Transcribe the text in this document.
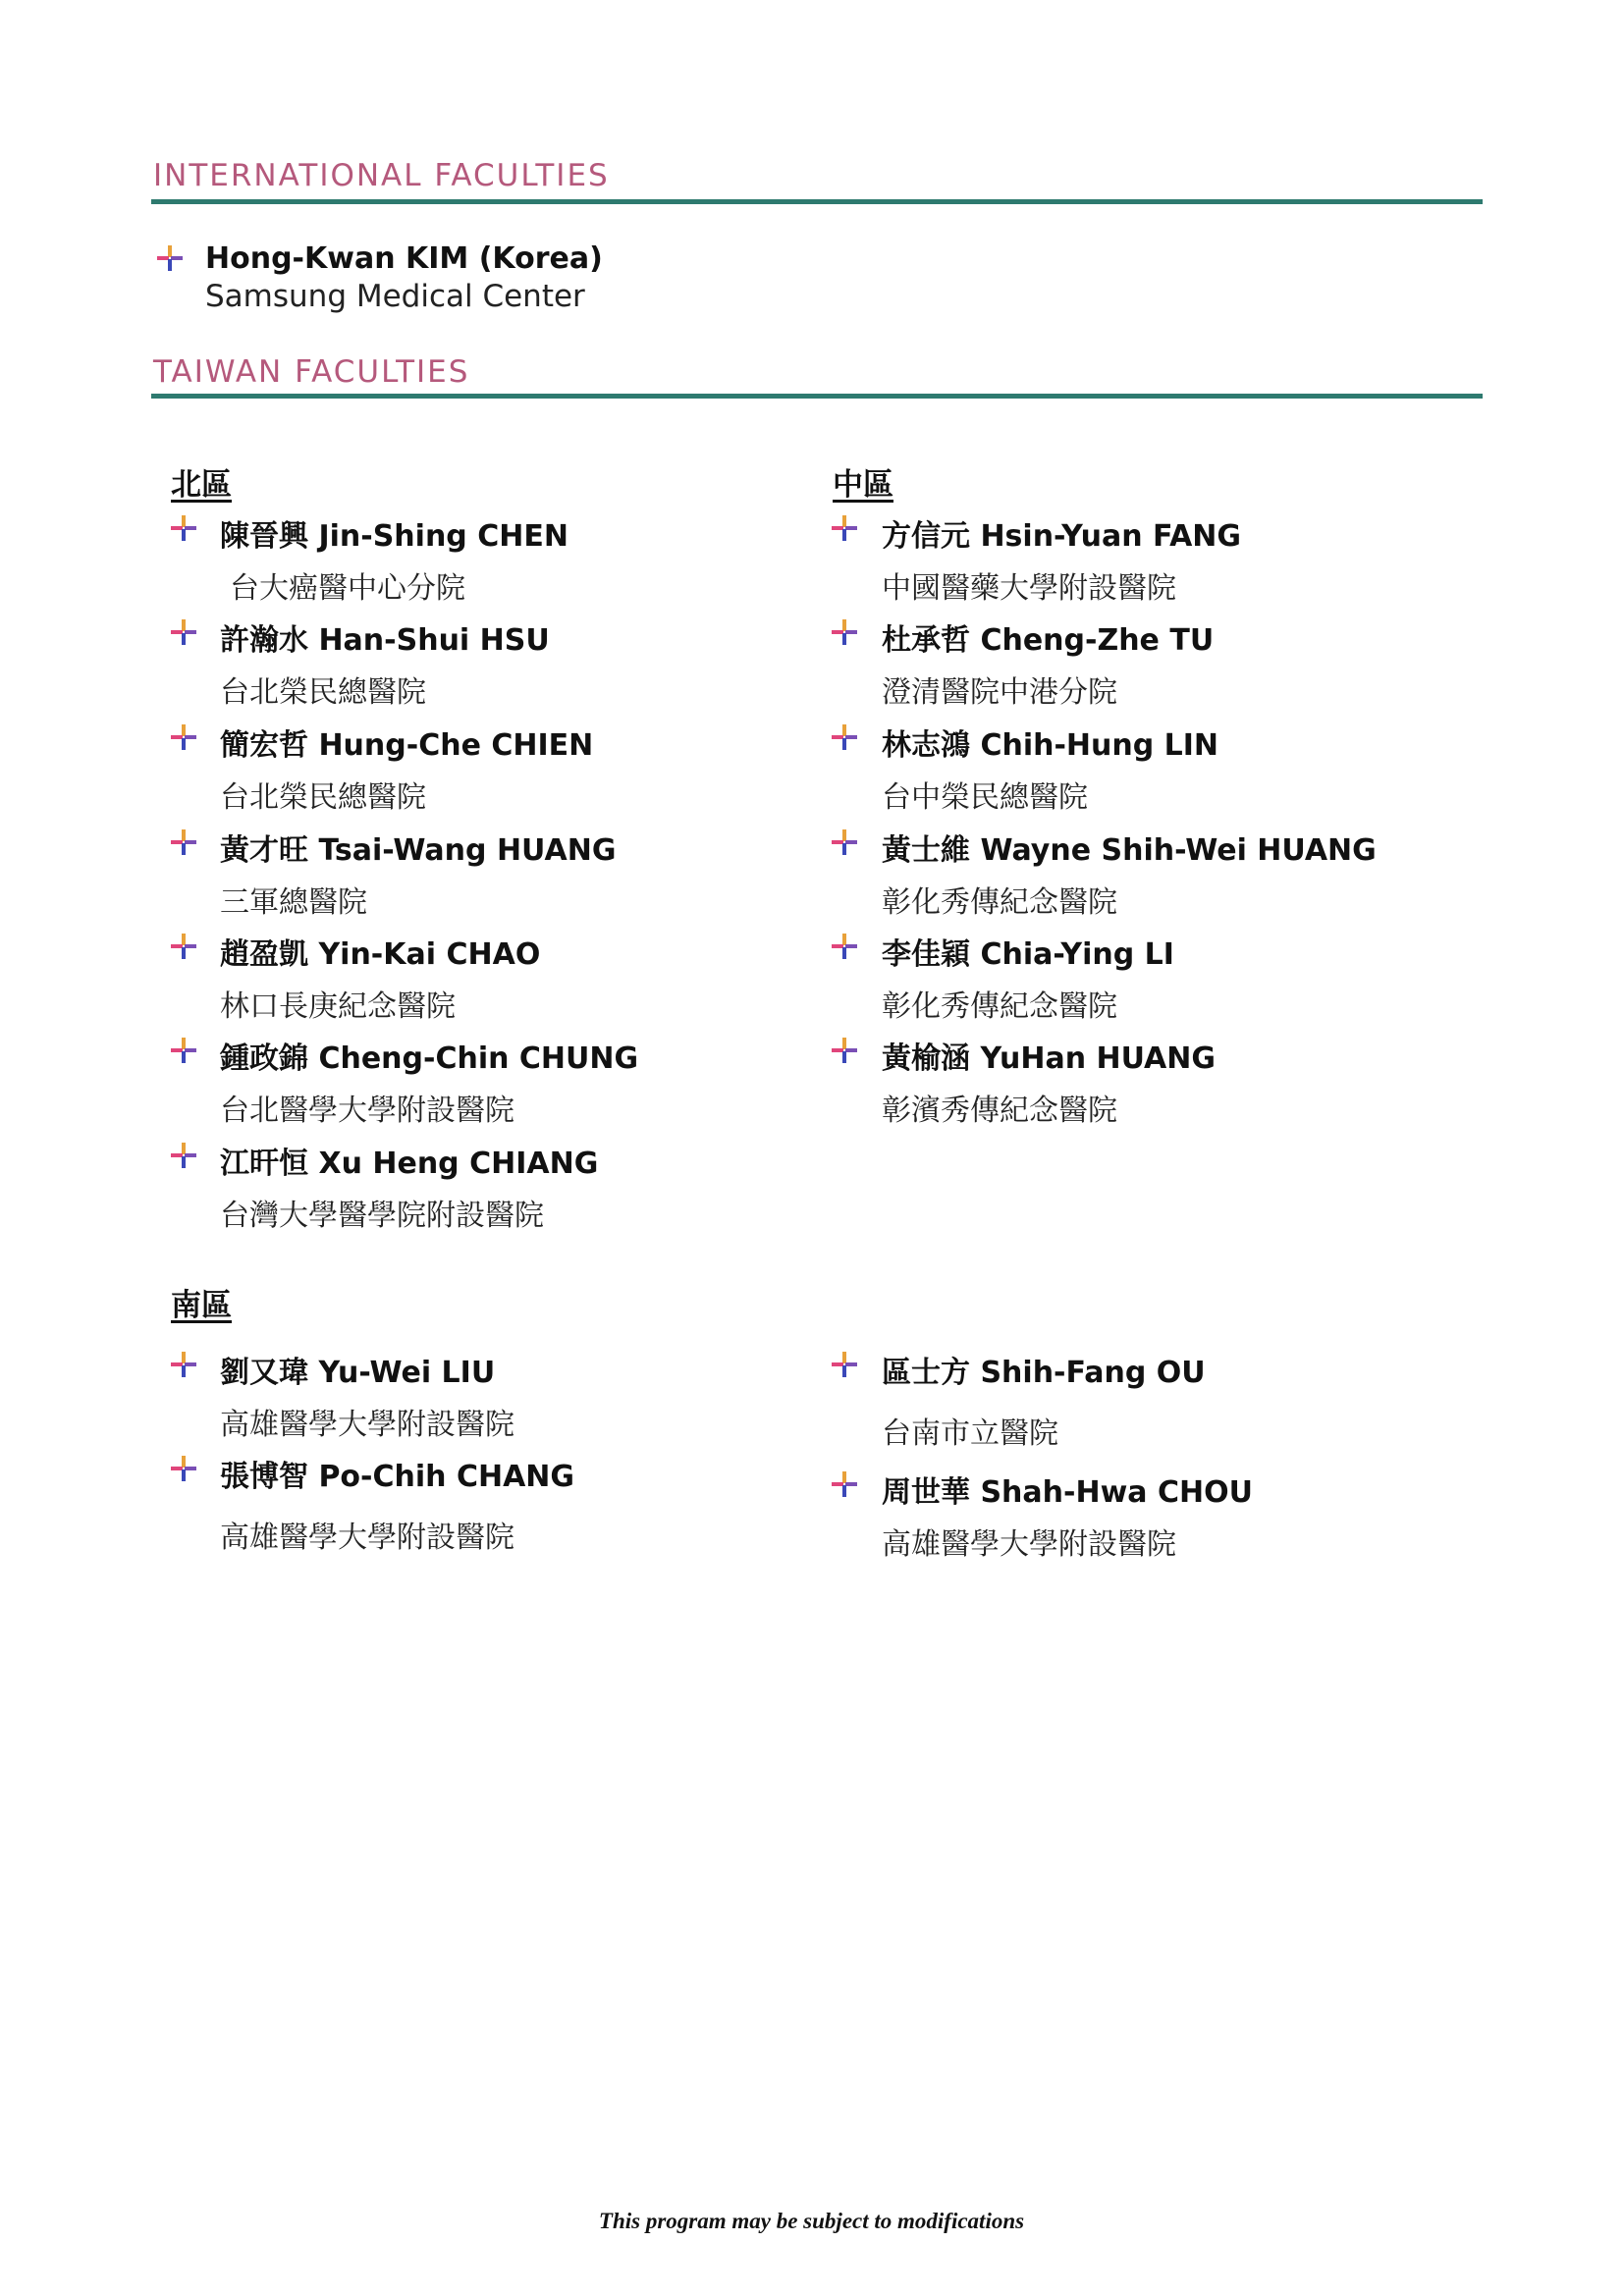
INTERNATIONAL FACULTIES
Hong-Kwan KIM (Korea)
Samsung Medical Center
TAIWAN FACULTIES
北區
陳晉興 Jin-Shing CHEN
台大癌醫中心分院
許瀚水 Han-Shui HSU
台北榮民總醫院
簡宏哲 Hung-Che CHIEN
台北榮民總醫院
黃才旺 Tsai-Wang HUANG
三軍總醫院
趙盈凱 Yin-Kai CHAO
林口長庚紀念醫院
鍾政錦 Cheng-Chin CHUNG
台北醫學大學附設醫院
江旰恒 Xu Heng CHIANG
台灣大學醫學院附設醫院
中區
方信元 Hsin-Yuan FANG
中國醫藥大學附設醫院
杜承哲 Cheng-Zhe TU
澄清醫院中港分院
林志鴻 Chih-Hung LIN
台中榮民總醫院
黃士維 Wayne Shih-Wei HUANG
彰化秀傳紀念醫院
李佳穎 Chia-Ying LI
彰化秀傳紀念醫院
黃榆涵 YuHan HUANG
彰濱秀傳紀念醫院
南區
劉又瑋 Yu-Wei LIU
高雄醫學大學附設醫院
張博智 Po-Chih CHANG
高雄醫學大學附設醫院
區士方 Shih-Fang OU
台南市立醫院
周世華 Shah-Hwa CHOU
高雄醫學大學附設醫院
This program may be subject to modifications
